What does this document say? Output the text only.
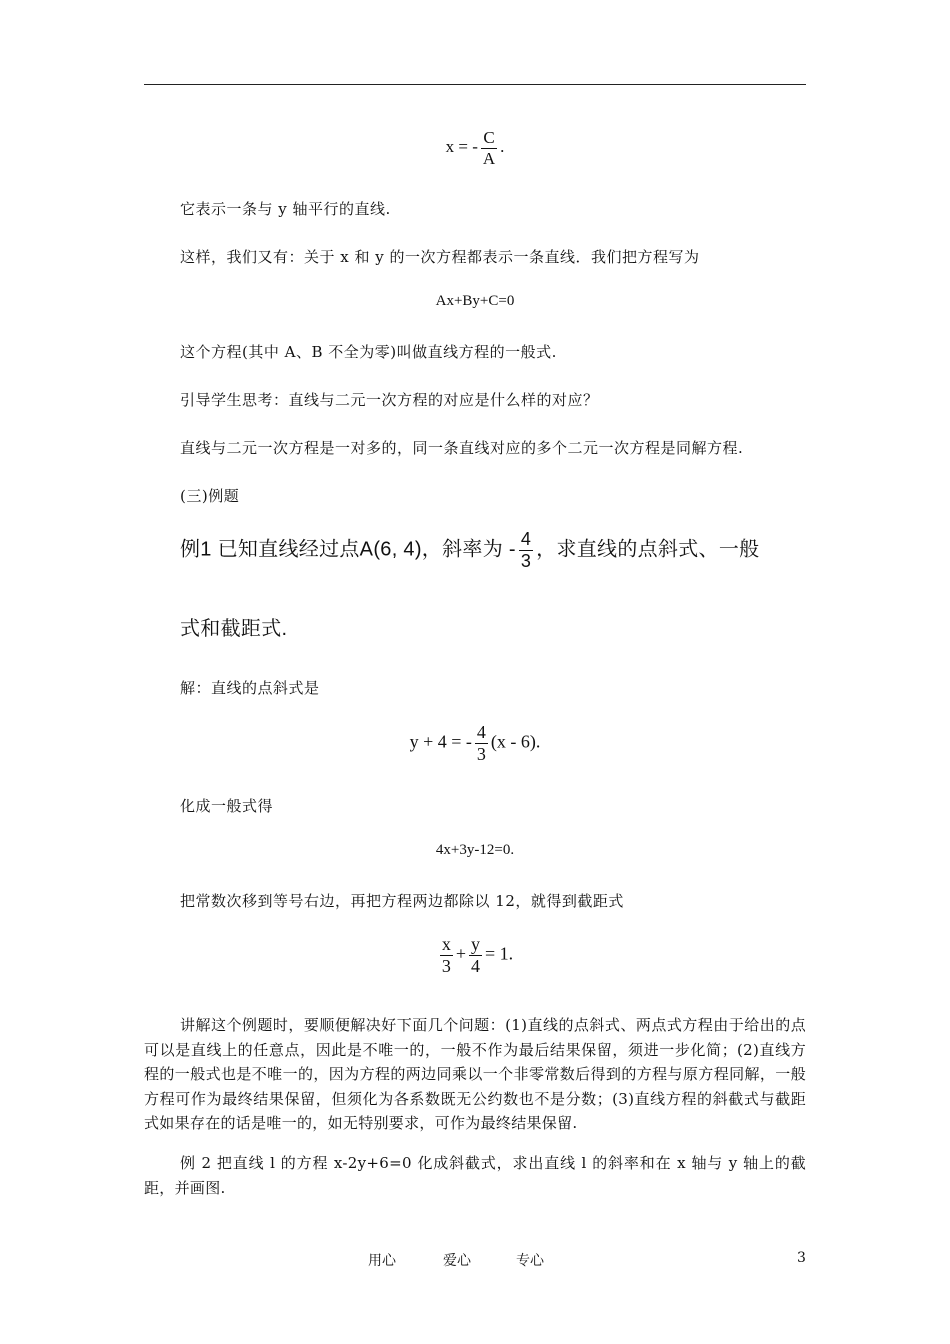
x = - $\frac{C}{A}$ .
它表示一条与 y 轴平行的直线.
这样，我们又有：关于 x 和 y 的一次方程都表示一条直线．我们把方程写为
Ax+By+C=0
这个方程(其中 A、B 不全为零)叫做直线方程的一般式.
引导学生思考：直线与二元一次方程的对应是什么样的对应？
直线与二元一次方程是一对多的，同一条直线对应的多个二元一次方程是同解方程.
(三)例题
例1 已知直线经过点A(6, 4)，斜率为 - $\frac{4}{3}$ ，求直线的点斜式、一般
式和截距式.
解：直线的点斜式是
y + 4 = - $\frac{4}{3} (x - 6)$.
化成一般式得
4x+3y-12=0.
把常数次移到等号右边，再把方程两边都除以 12，就得到截距式
$\frac{x}{3} + \frac{y}{4} = 1$.
讲解这个例题时，要顺便解决好下面几个问题：(1)直线的点斜式、两点式方程由于给出的点可以是直线上的任意点，因此是不唯一的，一般不作为最后结果保留，须进一步化简；(2)直线方程的一般式也是不唯一的，因为方程的两边同乘以一个非零常数后得到的方程与原方程同解，一般方程可作为最终结果保留，但须化为各系数既无公约数也不是分数；(3)直线方程的斜截式与截距式如果存在的话是唯一的，如无特别要求，可作为最终结果保留.
例 2 把直线 l 的方程 x-2y+6=0 化成斜截式，求出直线 l 的斜率和在 x 轴与 y 轴上的截距，并画图.
用心	爱心	专心	3
